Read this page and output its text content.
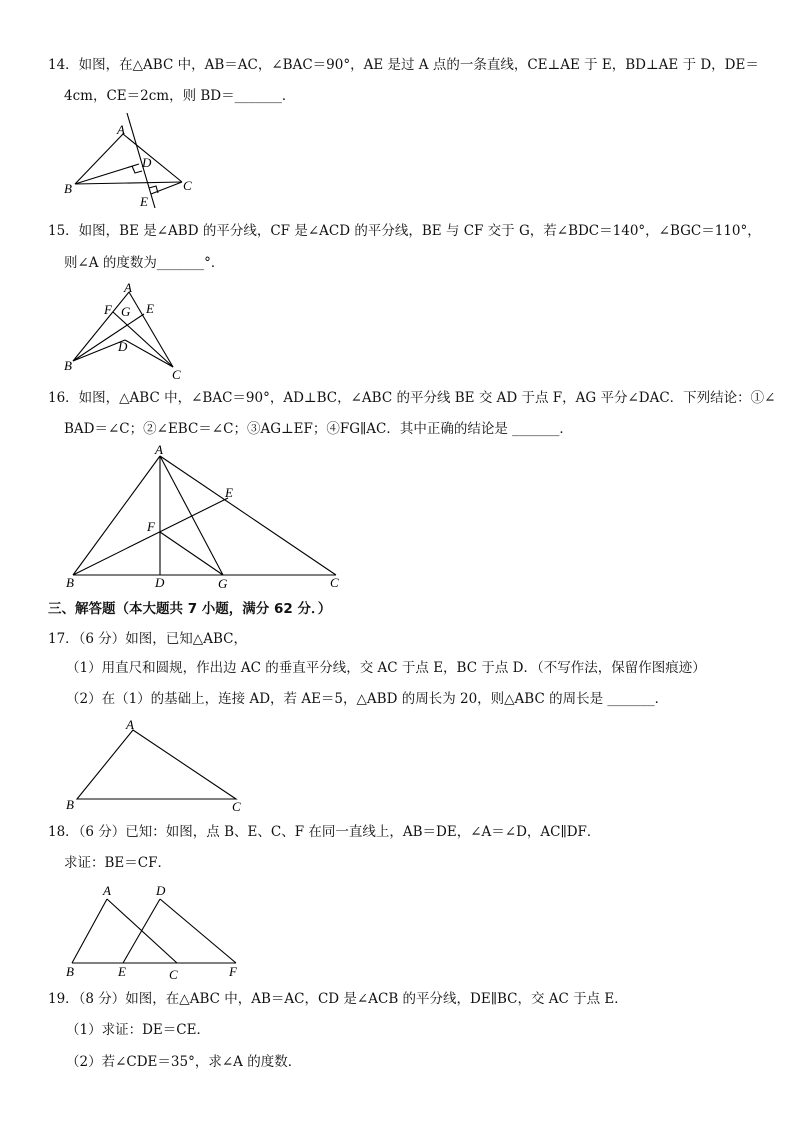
14．如图，在△ABC 中，AB＝AC，∠BAC＝90°，AE 是过 A 点的一条直线，CE⊥AE 于 E，BD⊥AE 于 D，DE＝
4cm，CE＝2cm，则 BD＝_______．
A
B	C
D
E
15．如图，BE 是∠ABD 的平分线，CF 是∠ACD 的平分线，BE 与 CF 交于 G，若∠BDC＝140°，∠BGC＝110°，
则∠A 的度数为_______°．
A
B
C
D
E
F G
16．如图，△ABC 中，∠BAC＝90°，AD⊥BC，∠ABC 的平分线 BE 交 AD 于点 F，AG 平分∠DAC．下列结论：①∠
BAD＝∠C；②∠EBC＝∠C；③AG⊥EF；④FG∥AC．其中正确的结论是 _______．
A
B	C
D
E
F
G
三、解答题（本大题共 7 小题，满分 62 分．）
17．（6 分）如图，已知△ABC，
（1）用直尺和圆规，作出边 AC 的垂直平分线，交 AC 于点 E，BC 于点 D．（不写作法，保留作图痕迹）
（2）在（1）的基础上，连接 AD，若 AE＝5，△ABD 的周长为 20，则△ABC 的周长是 _______．
A
B	C
18．（6 分）已知：如图，点 B、E、C、F 在同一直线上，AB＝DE，∠A＝∠D，AC∥DF．
求证：BE＝CF．
A
B	C
D
E	F
19．（8 分）如图，在△ABC 中，AB＝AC，CD 是∠ACB 的平分线，DE∥BC，交 AC 于点 E．
（1）求证：DE＝CE．
（2）若∠CDE＝35°，求∠A 的度数．
